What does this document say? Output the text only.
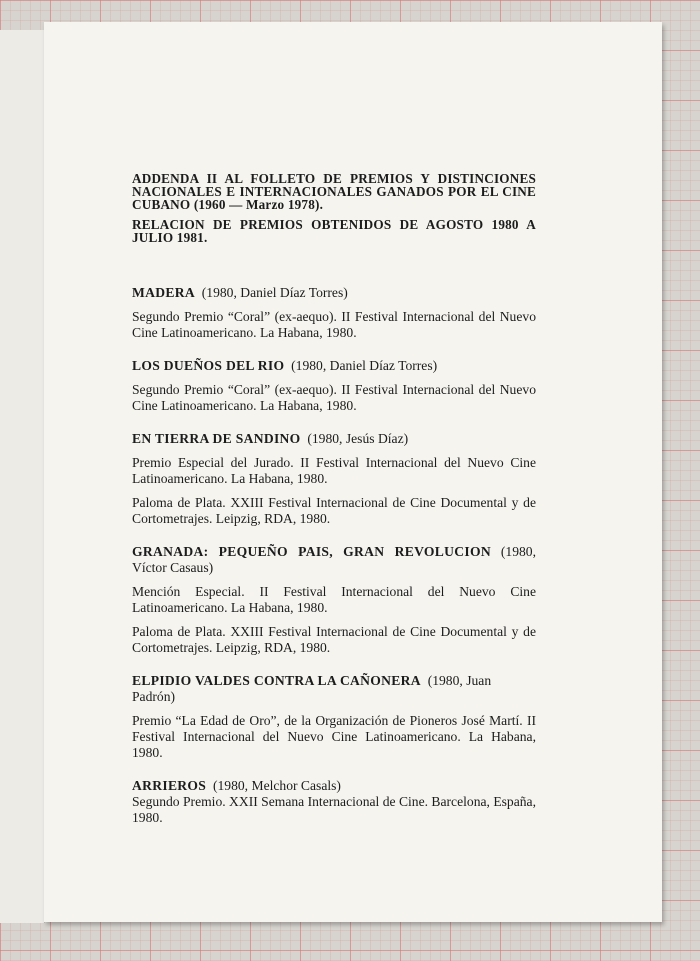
ADDENDA II AL FOLLETO DE PREMIOS Y DISTINCIONES NACIONALES E INTERNACIONALES GANADOS POR EL CINE CUBANO (1960 — Marzo 1978).

RELACION DE PREMIOS OBTENIDOS DE AGOSTO 1980 A JULIO 1981.

MADERA (1980, Daniel Díaz Torres)

Segundo Premio “Coral” (ex-aequo). II Festival Internacional del Nuevo Cine Latinoamericano. La Habana, 1980.

LOS DUEÑOS DEL RIO (1980, Daniel Díaz Torres)

Segundo Premio “Coral” (ex-aequo). II Festival Internacional del Nuevo Cine Latinoamericano. La Habana, 1980.

EN TIERRA DE SANDINO (1980, Jesús Díaz)

Premio Especial del Jurado. II Festival Internacional del Nuevo Cine Latinoamericano. La Habana, 1980.

Paloma de Plata. XXIII Festival Internacional de Cine Documental y de Cortometrajes. Leipzig, RDA, 1980.

GRANADA: PEQUEÑO PAIS, GRAN REVOLUCION (1980, Víctor Casaus)

Mención Especial. II Festival Internacional del Nuevo Cine Latinoamericano. La Habana, 1980.

Paloma de Plata. XXIII Festival Internacional de Cine Documental y de Cortometrajes. Leipzig, RDA, 1980.

ELPIDIO VALDES CONTRA LA CAÑONERA (1980, Juan Padrón)

Premio “La Edad de Oro”, de la Organización de Pioneros José Martí. II Festival Internacional del Nuevo Cine Latinoamericano. La Habana, 1980.

ARRIEROS (1980, Melchor Casals)

Segundo Premio. XXII Semana Internacional de Cine. Barcelona, España, 1980.
